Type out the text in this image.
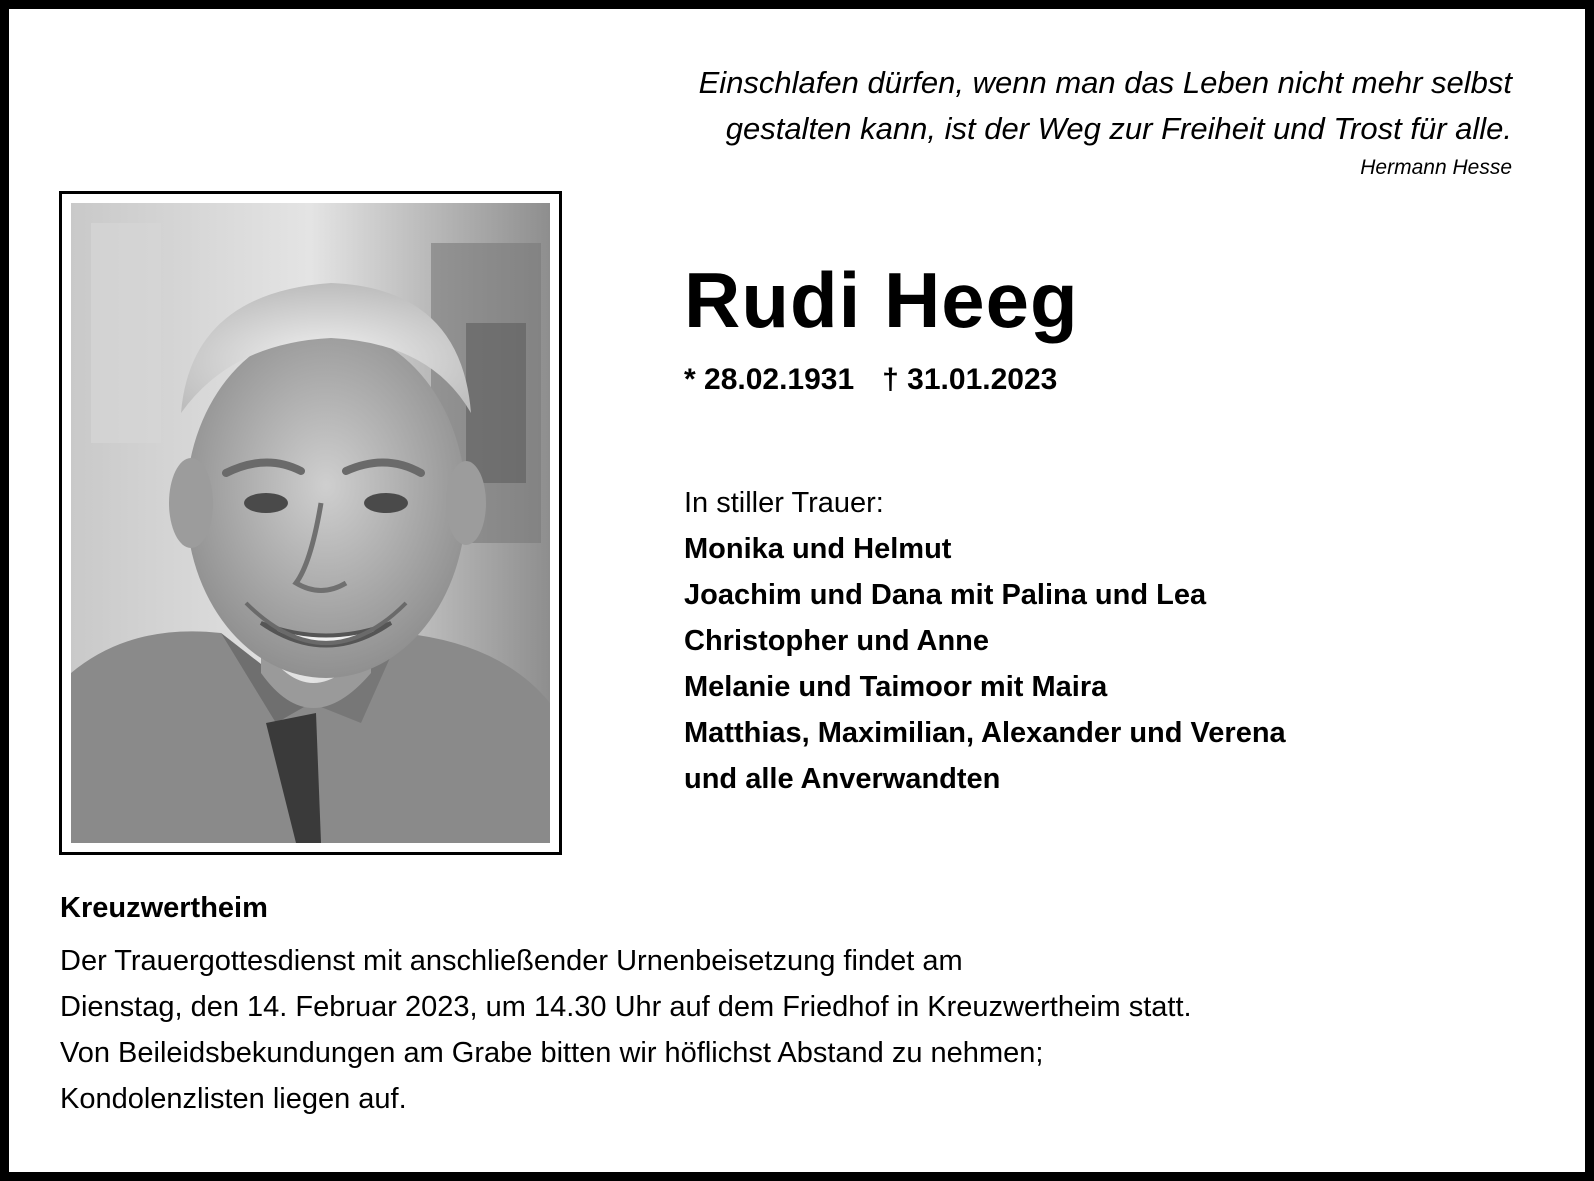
Einschlafen dürfen, wenn man das Leben nicht mehr selbst
gestalten kann, ist der Weg zur Freiheit und Trost für alle.
Hermann Hesse
Rudi Heeg
* 28.02.1931 † 31.01.2023
In stiller Trauer:
Monika und Helmut
Joachim und Dana mit Palina und Lea
Christopher und Anne
Melanie und Taimoor mit Maira
Matthias, Maximilian, Alexander und Verena
und alle Anverwandten
Kreuzwertheim
Der Trauergottesdienst mit anschließender Urnenbeisetzung findet am
Dienstag, den 14. Februar 2023, um 14.30 Uhr auf dem Friedhof in Kreuzwertheim statt.
Von Beileidsbekundungen am Grabe bitten wir höflichst Abstand zu nehmen;
Kondolenzlisten liegen auf.
